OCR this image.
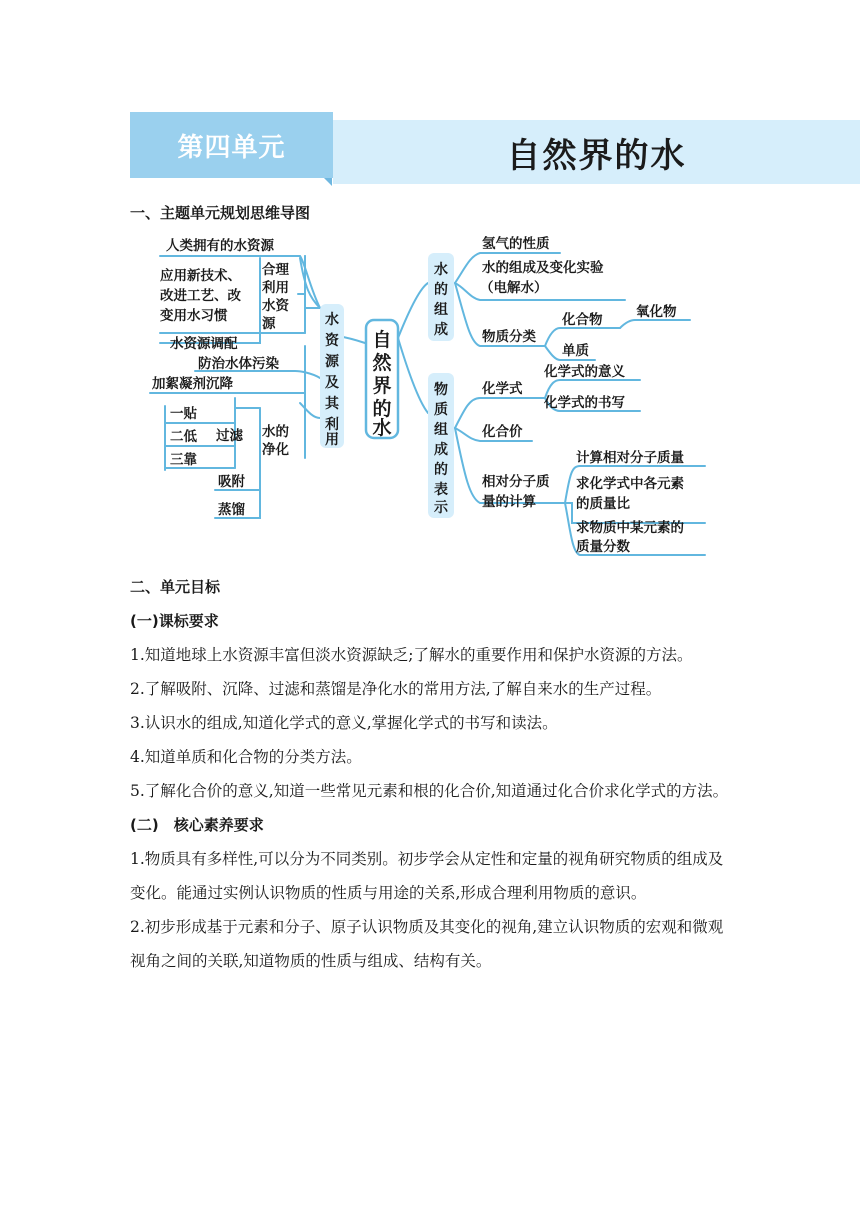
第四单元	自然界的水
一、主题单元规划思维导图
自然界的水
水资源及其利用
水的组成
物质组成的表示
人类拥有的水资源
合理
利用
水资
源
应用新技术、
改进工艺、改
变用水习惯
水资源调配
防治水体污染
加絮凝剂沉降
水的
净化
过滤
一贴
二低
三靠
吸附
蒸馏
氢气的性质
水的组成及变化实验
（电解水）
物质分类
化合物 氧化物
单质
化学式
化学式的意义
化学式的书写
化合价
相对分子质
量的计算
计算相对分子质量
求化学式中各元素
的质量比
求物质中某元素的
质量分数

二、单元目标

(一)课标要求

1.知道地球上水资源丰富但淡水资源缺乏;了解水的重要作用和保护水资源的方法。

2.了解吸附、沉降、过滤和蒸馏是净化水的常用方法,了解自来水的生产过程。

3.认识水的组成,知道化学式的意义,掌握化学式的书写和读法。

4.知道单质和化合物的分类方法。

5.了解化合价的意义,知道一些常见元素和根的化合价,知道通过化合价求化学式的方法。

(二)　核心素养要求

1.物质具有多样性,可以分为不同类别。初步学会从定性和定量的视角研究物质的组成及变化。能通过实例认识物质的性质与用途的关系,形成合理利用物质的意识。

2.初步形成基于元素和分子、原子认识物质及其变化的视角,建立认识物质的宏观和微观视角之间的关联,知道物质的性质与组成、结构有关。
